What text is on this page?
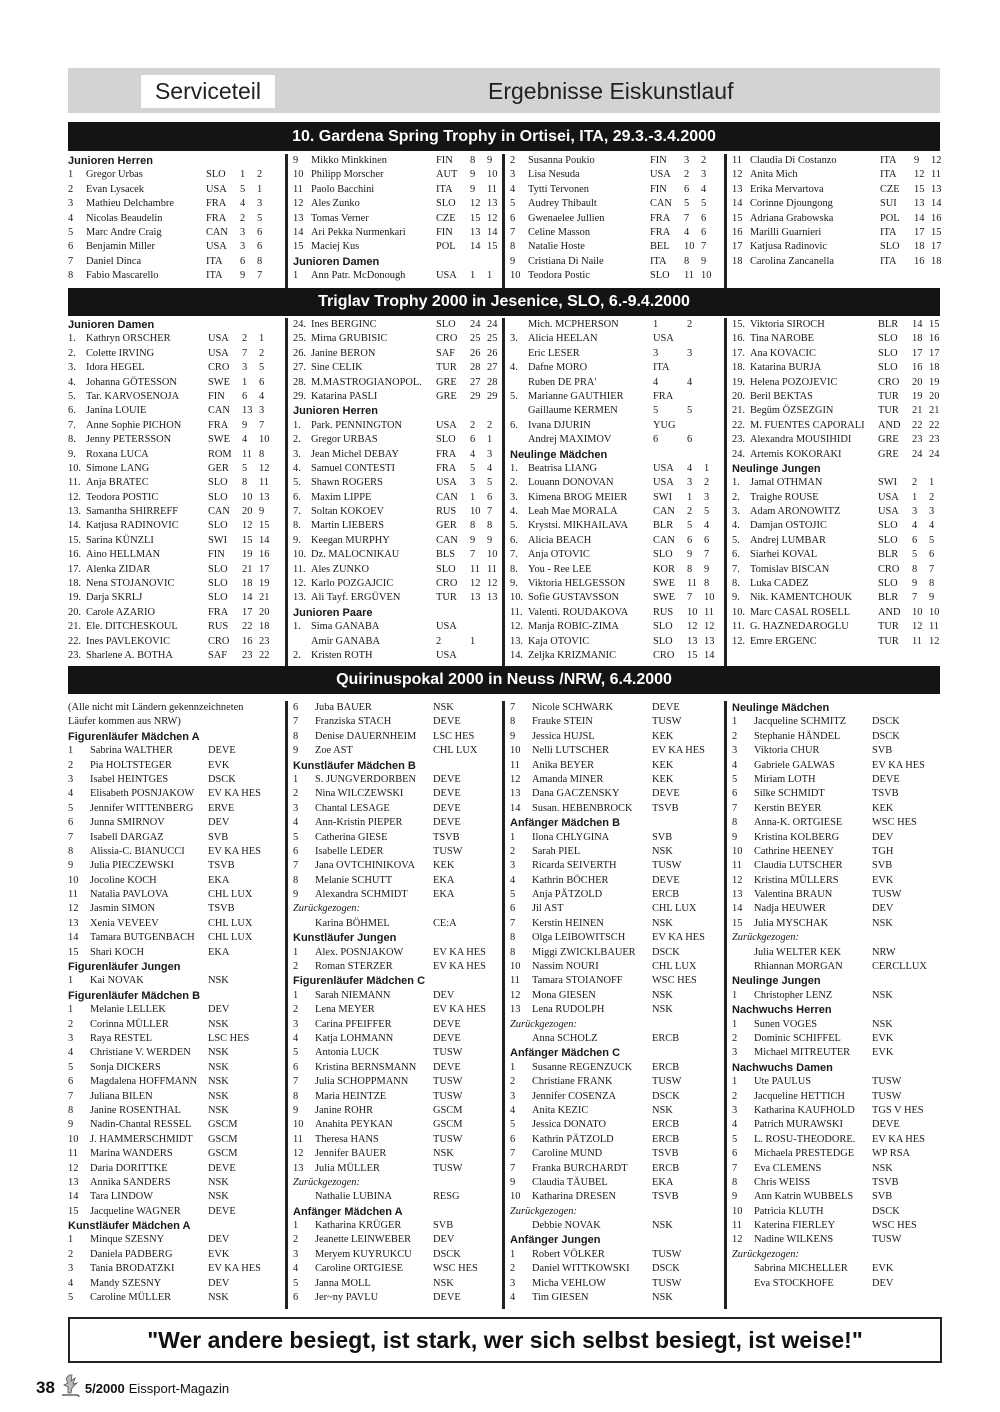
Serviceteil	Ergebnisse Eiskunstlauf
10. Gardena Spring Trophy in Ortisei, ITA, 29.3.-3.4.2000
Junioren Herren
1	Gregor Urbas	SLO	1	2
2	Evan Lysacek	USA	5	1
3	Mathieu Delchambre	FRA	4	3
4	Nicolas Beaudelin	FRA	2	5
5	Marc Andre Craig	CAN	3	6
6	Benjamin Miller	USA	3	6
7	Daniel Dinca	ITA	6	8
8	Fabio Mascarello	ITA	9	7
9	Mikko Minkkinen	FIN	8	9
10 Philipp Morscher	AUT	9	10
11 Paolo Bacchini	ITA	9	11
12 Ales Zunko	SLO	12 13
13 Tomas Verner	CZE	15 12
14 Ari Pekka Nurmenkari	FIN	13 14
15 Maciej Kus	POL	14 15
Junioren Damen
1	Ann Patr. McDonough	USA	1	1
2	Susanna Poukio	FIN	3	2
3	Lisa Nesuda	USA	2	3
4	Tytti Tervonen	FIN	6	4
5	Audrey Thibault	CAN	5	5
6	Gwenaelee Jullien	FRA	7	6
7	Celine Masson	FRA	4	6
8	Natalie Hoste	BEL	10 7
9	Cristiana Di Naile	ITA	8	9
10 Teodora Postic	SLO	11 10
11 Claudia Di Costanzo	ITA	9	12
12 Anita Mich	ITA	12 11
13 Erika Mervartova	CZE	15 13
14 Corinne Djoungong	SUI	13 14
15 Adriana Grabowska	POL	14 16
16 Marilli Guarnieri	ITA	17 15
17 Katjusa Radinovic	SLO	18 17
18 Carolina Zancanella	ITA	16 18
Triglav Trophy 2000 in Jesenice, SLO, 6.-9.4.2000
Junioren Damen
1. Kathryn ORSCHER	USA	2	1
2. Colette IRVING	USA	7	2
3. Idora HEGEL	CRO	3	5
4. Johanna GÖTESSON	SWE	1	6
5. Tar. KARVOSENOJA	FIN	6	4
6. Janina LOUIE	CAN	13 3
7. Anne Sophie PICHON	FRA	9	7
8. Jenny PETERSSON	SWE	4	10
9. Roxana LUCA	ROM 11 8
10. Simone LANG	GER	5	12
11. Anja BRATEC	SLO	8	11
12. Teodora POSTIC	SLO	10 13
13. Samantha SHIRREFF	CAN	20 9
14. Katjusa RADINOVIC	SLO	12 15
15. Sarina KÜNZLI	SWI	15 14
16. Aino HELLMAN	FIN	19 16
17. Alenka ZIDAR	SLO	21 17
18. Nena STOJANOVIC	SLO	18 19
19. Darja SKRLJ	SLO	14 21
20. Carole AZARIO	FRA	17 20
21. Ele. DITCHESKOUL	RUS	22 18
22. Ines PAVLEKOVIC	CRO	16 23
23. Sharlene A. BOTHA	SAF	23 22
24. Ines BERGINC	SLO	24 24
25. Mirna GRUBISIC	CRO	25 25
26. Janine BERON	SAF	26 26
27. Sine CELIK	TUR	28 27
28. M.MASTROGIANOPOL.	GRE	27 28
29. Katarina PASLI	GRE	29 29
Junioren Herren
1. Park. PENNINGTON	USA	2	2
2. Gregor URBAS	SLO	6	1
3. Jean Michel DEBAY	FRA	4	3
4. Samuel CONTESTI	FRA	5	4
5. Shawn ROGERS	USA	3	5
6. Maxim LIPPE	CAN	1	6
7. Soltan KOKOEV	RUS	10 7
8. Martin LIEBERS	GER	8	8
9. Keegan MURPHY	CAN	9	9
10. Dz. MALOCNIKAU	BLS	7	10
11. Ales ZUNKO	SLO	11 11
12. Karlo POZGAJCIC	CRO	12 12
13. Ali Tayf. ERGÜVEN	TUR	13 13
Junioren Paare
1. Sima GANABA	USA
Amir GANABA	2	1
2. Kristen ROTH	USA
Mich. MCPHERSON	1	2
3. Alicia HEELAN	USA
Eric LESER	3	3
4. Dafne MORO	ITA
Ruben DE PRA'	4	4
5. Marianne GAUTHIER	FRA
Gaillaume KERMEN	5	5
6. Ivana DJURIN	YUG
Andrej MAXIMOV	6	6
Neulinge Mädchen
1. Beatrisa LIANG	USA	4	1
2. Louann DONOVAN	USA	3	2
3. Kimena BROG MEIER	SWI	1	3
4. Leah Mae MORALA	CAN	2	5
5. Krystsi. MIKHAILAVA	BLR	5	4
6. Alicia BEACH	CAN	6	6
7. Anja OTOVIC	SLO	9	7
8. You - Ree LEE	KOR	8	9
9. Viktoria HELGESSON	SWE	11 8
10. Sofie GUSTAVSSON	SWE	7	10
11. Valenti. ROUDAKOVA	RUS	10 11
12. Manja ROBIC-ZIMA	SLO	12 12
13. Kaja OTOVIC	SLO	13 13
14. Zeljka KRIZMANIC	CRO	15 14
15. Viktoria SIROCH	BLR	14 15
16. Tina NAROBE	SLO	18 16
17. Ana KOVACIC	SLO	17 17
18. Katarina BURJA	SLO	16 18
19. Helena POZOJEVIC	CRO	20 19
20. Beril BEKTAS	TUR	19 20
21. Begüm ÖZSEZGIN	TUR	21 21
22. M. FUENTES CAPORALI	AND	22 22
23. Alexandra MOUSIHIDI	GRE	23 23
24. Artemis KOKORAKI	GRE	24 24
Neulinge Jungen
1. Jamal OTHMAN	SWI	2	1
2. Traighe ROUSE	USA	1	2
3. Adam ARONOWITZ	USA	3	3
4. Damjan OSTOJIC	SLO	4	4
5. Andrej LUMBAR	SLO	6	5
6. Siarhei KOVAL	BLR	5	6
7. Tomislav BISCAN	CRO	8	7
8. Luka CADEZ	SLO	9	8
9. Nik. KAMENTCHOUK	BLR	7	9
10. Marc CASAL ROSELL	AND	10 10
11. G. HAZNEDAROGLU	TUR	12 11
12. Emre ERGENC	TUR	11 12
Quirinuspokal 2000 in Neuss /NRW, 6.4.2000
(Alle nicht mit Ländern gekennzeichneten
Läufer kommen aus NRW)
Figurenläufer Mädchen A
1	Sabrina WALTHER	DEVE
2	Pia HOLTSTEGER	EVK
3	Isabel HEINTGES	DSCK
4	Elisabeth POSNJAKOW	EV KA HES
5	Jennifer WITTENBERG	ERVE
6	Junna SMIRNOV	DEV
7	Isabell DARGAZ	SVB
8	Alissia-C. BIANUCCI	EV KA HES
9	Julia PIECZEWSKI	TSVB
10	Jocoline KOCH	EKA
11	Natalia PAVLOVA	CHL LUX
12	Jasmin SIMON	TSVB
13	Xenia VEVEEV	CHL LUX
14	Tamara BUTGENBACH	CHL LUX
15	Shari KOCH	EKA
Figurenläufer Jungen
1	Kai NOVAK	NSK
Figurenläufer Mädchen B
1	Melanie LELLEK	DEV
2	Corinna MÜLLER	NSK
3	Raya RESTEL	LSC HES
4	Christiane V. WERDEN	NSK
5	Sonja DICKERS	NSK
6	Magdalena HOFFMANN	NSK
7	Juliana BILEN	NSK
8	Janine ROSENTHAL	NSK
9	Nadin-Chantal RESSEL	GSCM
10	J. HAMMERSCHMIDT	GSCM
11	Marina WANDERS	GSCM
12	Daria DORITTKE	DEVE
13	Annika SANDERS	NSK
14	Tara LINDOW	NSK
15	Jacqueline WAGNER	DEVE
Kunstläufer Mädchen A
1	Minque SZESNY	DEV
2	Daniela PADBERG	EVK
3	Tania BRODATZKI	EV KA HES
4	Mandy SZESNY	DEV
5	Caroline MÜLLER	NSK
6	Juba BAUER	NSK
7	Franziska STACH	DEVE
8	Denise DAUERNHEIM	LSC HES
9	Zoe AST	CHL LUX
Kunstläufer Mädchen B
1	S. JUNGVERDORBEN	DEVE
2	Nina WILCZEWSKI	DEVE
3	Chantal LESAGE	DEVE
4	Ann-Kristin PIEPER	DEVE
5	Catherina GIESE	TSVB
6	Isabelle LEDER	TUSW
7	Jana OVTCHINIKOVA	KEK
8	Melanie SCHUTT	EKA
9	Alexandra SCHMIDT	EKA
Zurückgezogen:
Karina BÖHMEL	CE:A
Kunstläufer Jungen
1	Alex. POSNJAKOW	EV KA HES
2	Roman STERZER	EV KA HES
Figurenläufer Mädchen C
1	Sarah NIEMANN	DEV
2	Lena MEYER	EV KA HES
3	Carina PFEIFFER	DEVE
4	Katja LOHMANN	DEVE
5	Antonia LUCK	TUSW
6	Kristina BERNSMANN	DEVE
7	Julia SCHOPPMANN	TUSW
8	Maria HEINTZE	TUSW
9	Janine ROHR	GSCM
10	Anahita PEYKAN	GSCM
11	Theresa HANS	TUSW
12	Jennifer BAUER	NSK
13	Julia MÜLLER	TUSW
Zurückgezogen:
Nathalie LUBINA	RESG
Anfänger Mädchen A
1	Katharina KRÜGER	SVB
2	Jeanette LEINWEBER	DEV
3	Meryem KUYRUKCU	DSCK
4	Caroline ORTGIESE	WSC HES
5	Janna MOLL	NSK
6	Jer~ny PAVLU	DEVE
7	Nicole SCHWARK	DEVE
8	Frauke STEIN	TUSW
9	Jessica HUJSL	KEK
10	Nelli LUTSCHER	EV KA HES
11	Anika BEYER	KEK
12	Amanda MINER	KEK
13	Dana GACZENSKY	DEVE
14	Susan. HEBENBROCK	TSVB
Anfänger Mädchen B
1	Ilona CHLYGINA	SVB
2	Sarah PIEL	NSK
3	Ricarda SEIVERTH	TUSW
4	Kathrin BÖCHER	DEVE
5	Anja PÄTZOLD	ERCB
6	Jil AST	CHL LUX
7	Kerstin HEINEN	NSK
8	Olga LEIBOWITSCH	EV KA HES
8	Miggi ZWICKLBAUER	DSCK
10	Nassim NOURI	CHL LUX
11	Tamara STOIANOFF	WSC HES
12	Mona GIESEN	NSK
13	Lena RUDOLPH	NSK
Zurückgezogen:
Anna SCHOLZ	ERCB
Anfänger Mädchen C
1	Susanne REGENZUCK	ERCB
2	Christiane FRANK	TUSW
3	Jennifer COSENZA	DSCK
4	Anita KEZIC	NSK
5	Jessica DONATO	ERCB
6	Kathrin PÄTZOLD	ERCB
7	Caroline MUND	TSVB
7	Franka BURCHARDT	ERCB
9	Claudia TÄUBEL	EKA
10	Katharina DRESEN	TSVB
Zurückgezogen:
Debbie NOVAK	NSK
Anfänger Jungen
1	Robert VÖLKER	TUSW
2	Daniel WITTKOWSKI	DSCK
3	Micha VEHLOW	TUSW
4	Tim GIESEN	NSK
Neulinge Mädchen
1	Jacqueline SCHMITZ	DSCK
2	Stephanie HÄNDEL	DSCK
3	Viktoria CHUR	SVB
4	Gabriele GALWAS	EV KA HES
5	Miriam LOTH	DEVE
6	Silke SCHMIDT	TSVB
7	Kerstin BEYER	KEK
8	Anna-K. ORTGIESE	WSC HES
9	Kristina KOLBERG	DEV
10	Cathrine HEENEY	TGH
11	Claudia LUTSCHER	SVB
12	Kristina MÜLLERS	EVK
13	Valentina BRAUN	TUSW
14	Nadja HEUWER	DEV
15	Julia MYSCHAK	NSK
Zurückgezogen:
Julia WELTER KEK	NRW
Rhiannan MORGAN	CERCLLUX
Neulinge Jungen
1	Christopher LENZ	NSK
Nachwuchs Herren
1	Sunen VOGES	NSK
2	Dominic SCHIFFEL	EVK
3	Michael MITREUTER	EVK
Nachwuchs Damen
1	Ute PAULUS	TUSW
2	Jacqueline HETTICH	TUSW
3	Katharina KAUFHOLD	TGS V HES
4	Patrich MURAWSKI	DEVE
5	L. ROSU-THEODORE.	EV KA HES
6	Michaela PRESTEDGE	WP RSA
7	Eva CLEMENS	NSK
8	Chris WEISS	TSVB
9	Ann Katrin WUBBELS	SVB
10	Patricia KLUTH	DSCK
11	Katerina FIERLEY	WSC HES
12	Nadine WILKENS	TUSW
Zurückgezogen:
Sabrina MICHELLER	EVK
Eva STOCKHOFE	DEV
"Wer andere besiegt, ist stark, wer sich selbst besiegt, ist weise!"
38 5/2000 Eissport-Magazin
